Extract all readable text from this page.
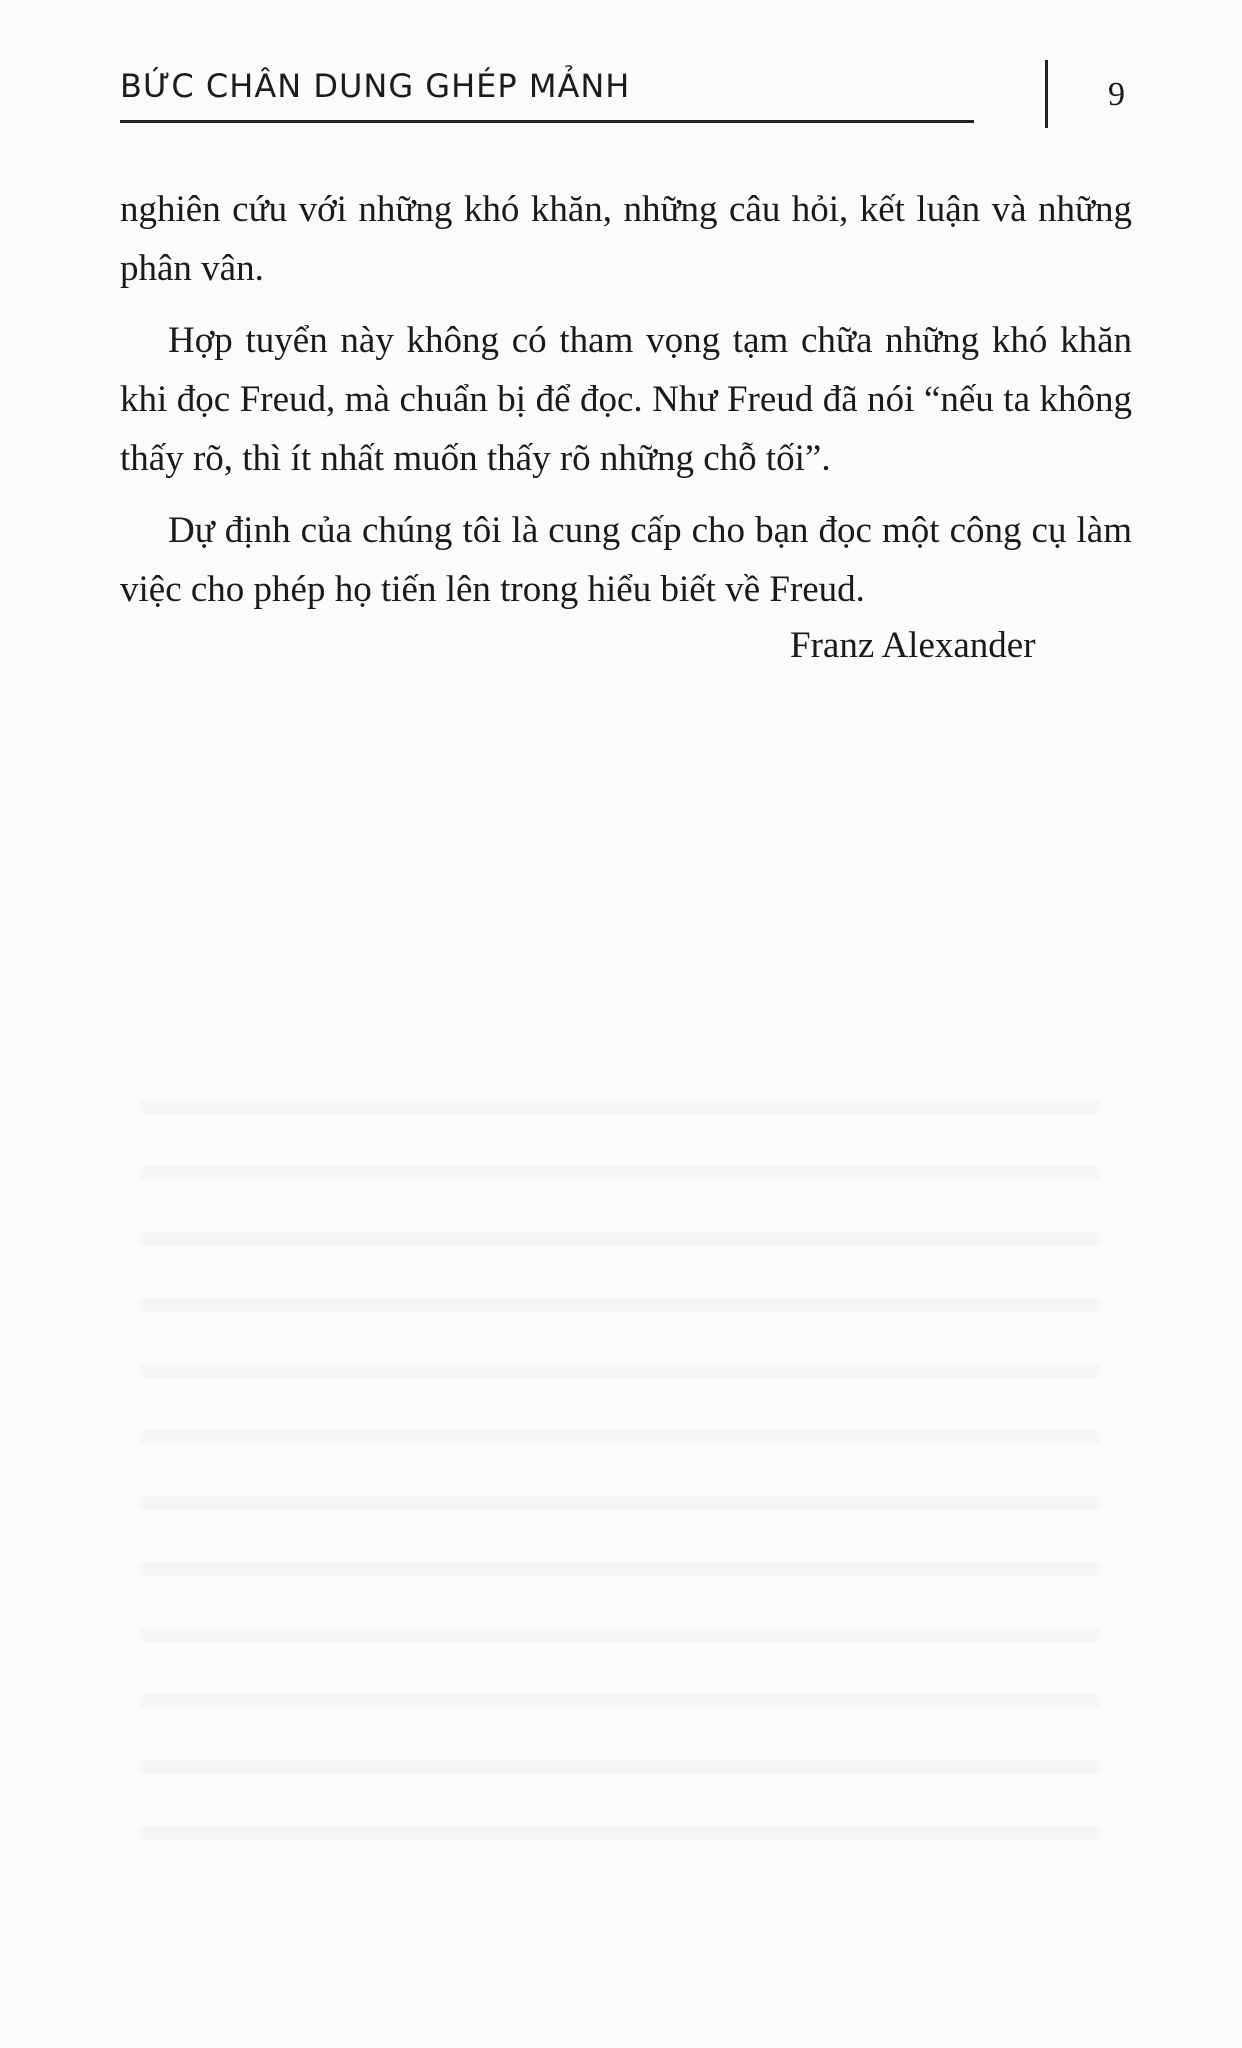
BỨC CHÂN DUNG GHÉP MẢNH	9

nghiên cứu với những khó khăn, những câu hỏi, kết luận và những phân vân.

Hợp tuyển này không có tham vọng tạm chữa những khó khăn khi đọc Freud, mà chuẩn bị để đọc. Như Freud đã nói “nếu ta không thấy rõ, thì ít nhất muốn thấy rõ những chỗ tối”.

Dự định của chúng tôi là cung cấp cho bạn đọc một công cụ làm việc cho phép họ tiến lên trong hiểu biết về Freud.

Franz Alexander
